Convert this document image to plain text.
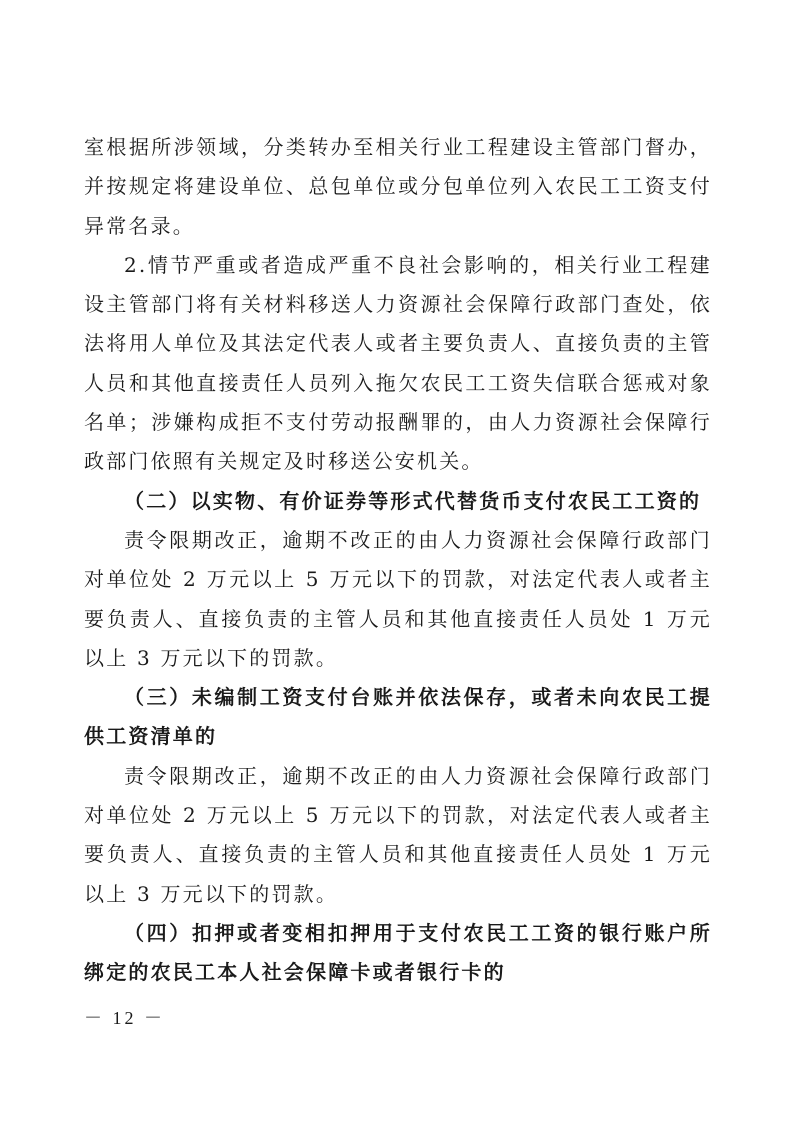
室根据所涉领域，分类转办至相关行业工程建设主管部门督办，并按规定将建设单位、总包单位或分包单位列入农民工工资支付异常名录。

2.情节严重或者造成严重不良社会影响的，相关行业工程建设主管部门将有关材料移送人力资源社会保障行政部门查处，依法将用人单位及其法定代表人或者主要负责人、直接负责的主管人员和其他直接责任人员列入拖欠农民工工资失信联合惩戒对象名单；涉嫌构成拒不支付劳动报酬罪的，由人力资源社会保障行政部门依照有关规定及时移送公安机关。

（二）以实物、有价证券等形式代替货币支付农民工工资的

责令限期改正，逾期不改正的由人力资源社会保障行政部门对单位处 2 万元以上 5 万元以下的罚款，对法定代表人或者主要负责人、直接负责的主管人员和其他直接责任人员处 1 万元以上 3 万元以下的罚款。

（三）未编制工资支付台账并依法保存，或者未向农民工提供工资清单的

责令限期改正，逾期不改正的由人力资源社会保障行政部门对单位处 2 万元以上 5 万元以下的罚款，对法定代表人或者主要负责人、直接负责的主管人员和其他直接责任人员处 1 万元以上 3 万元以下的罚款。

（四）扣押或者变相扣押用于支付农民工工资的银行账户所绑定的农民工本人社会保障卡或者银行卡的

－ 12 －
